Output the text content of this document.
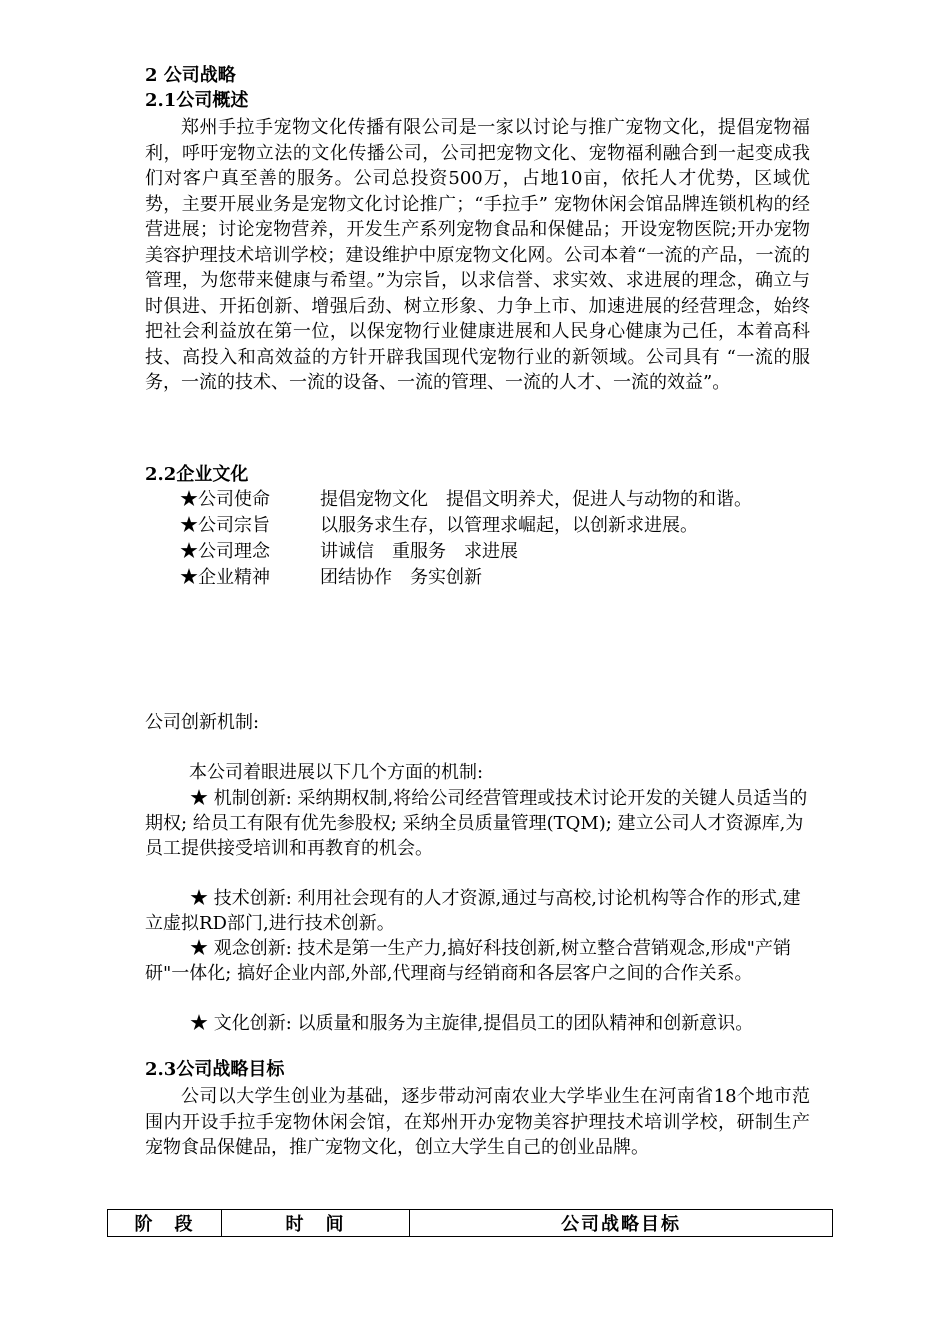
2 公司战略
2.1公司概述

郑州手拉手宠物文化传播有限公司是一家以讨论与推广宠物文化，提倡宠物福利，呼吁宠物立法的文化传播公司，公司把宠物文化、宠物福利融合到一起变成我们对客户真至善的服务。公司总投资500万，占地10亩，依托人才优势，区域优势，主要开展业务是宠物文化讨论推广；“手拉手” 宠物休闲会馆品牌连锁机构的经营进展；讨论宠物营养，开发生产系列宠物食品和保健品；开设宠物医院;开办宠物美容护理技术培训学校；建设维护中原宠物文化网。公司本着“一流的产品，一流的管理，为您带来健康与希望。”为宗旨，以求信誉、求实效、求进展的理念，确立与时俱进、开拓创新、增强后劲、树立形象、力争上市、加速进展的经营理念，始终把社会利益放在第一位，以保宠物行业健康进展和人民身心健康为己任，本着高科技、高投入和高效益的方针开辟我国现代宠物行业的新领域。公司具有 “一流的服务，一流的技术、一流的设备、一流的管理、一流的人才、一流的效益”。

2.2企业文化
★公司使命	提倡宠物文化　提倡文明养犬，促进人与动物的和谐。
★公司宗旨	以服务求生存，以管理求崛起，以创新求进展。
★公司理念	讲诚信　重服务　求进展
★企业精神	团结协作　务实创新
公司创新机制:
本公司着眼进展以下几个方面的机制:

★ 机制创新: 采纳期权制,将给公司经营管理或技术讨论开发的关键人员适当的期权; 给员工有限有优先参股权; 采纳全员质量管理(TQM); 建立公司人才资源库,为员工提供接受培训和再教育的机会。

★ 技术创新: 利用社会现有的人才资源,通过与高校,讨论机构等合作的形式,建立虚拟RD部门,进行技术创新。

★ 观念创新: 技术是第一生产力,搞好科技创新,树立整合营销观念,形成"产销研"一体化; 搞好企业内部,外部,代理商与经销商和各层客户之间的合作关系。

★ 文化创新: 以质量和服务为主旋律,提倡员工的团队精神和创新意识。

2.3公司战略目标

公司以大学生创业为基础，逐步带动河南农业大学毕业生在河南省18个地市范围内开设手拉手宠物休闲会馆，在郑州开办宠物美容护理技术培训学校，研制生产宠物食品保健品，推广宠物文化，创立大学生自己的创业品牌。

阶　段	时　间	公司战略目标
